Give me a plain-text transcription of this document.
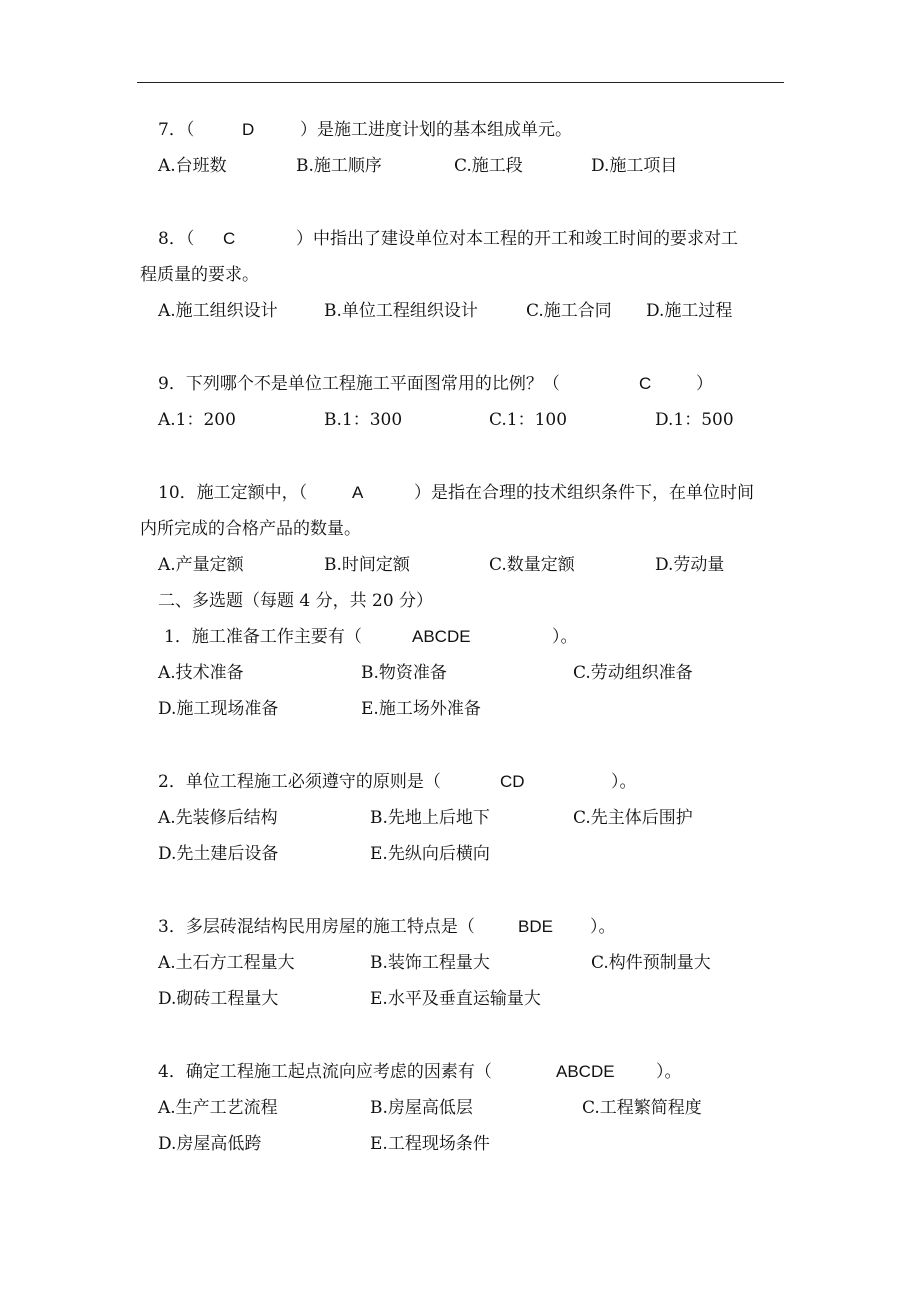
7．（	D	）是施工进度计划的基本组成单元。
A.台班数	B.施工顺序	C.施工段	D.施工项目
8．（ C	）中指出了建设单位对本工程的开工和竣工时间的要求对工
程质量的要求。
A.施工组织设计	B.单位工程组织设计	C.施工合同 D.施工过程
9．下列哪个不是单位工程施工平面图常用的比例？（	C	）
A.1：200	B.1：300	C.1：100	D.1：500
10．施工定额中，（	A	）是指在合理的技术组织条件下，在单位时间
内所完成的合格产品的数量。
A.产量定额	B.时间定额	C.数量定额	D.劳动量
二、多选题（每题 4 分，共 20 分）
1．施工准备工作主要有（	ABCDE	）。
A.技术准备	B.物资准备	C.劳动组织准备
D.施工现场准备	E.施工场外准备
2．单位工程施工必须遵守的原则是（	CD	）。
A.先装修后结构	B.先地上后地下	C.先主体后围护
D.先土建后设备	E.先纵向后横向
3．多层砖混结构民用房屋的施工特点是（	BDE ）。
A.土石方工程量大	B.装饰工程量大	C.构件预制量大
D.砌砖工程量大	E.水平及垂直运输量大
4．确定工程施工起点流向应考虑的因素有（	ABCDE ）。
A.生产工艺流程	B.房屋高低层	C.工程繁简程度
D.房屋高低跨	E.工程现场条件
